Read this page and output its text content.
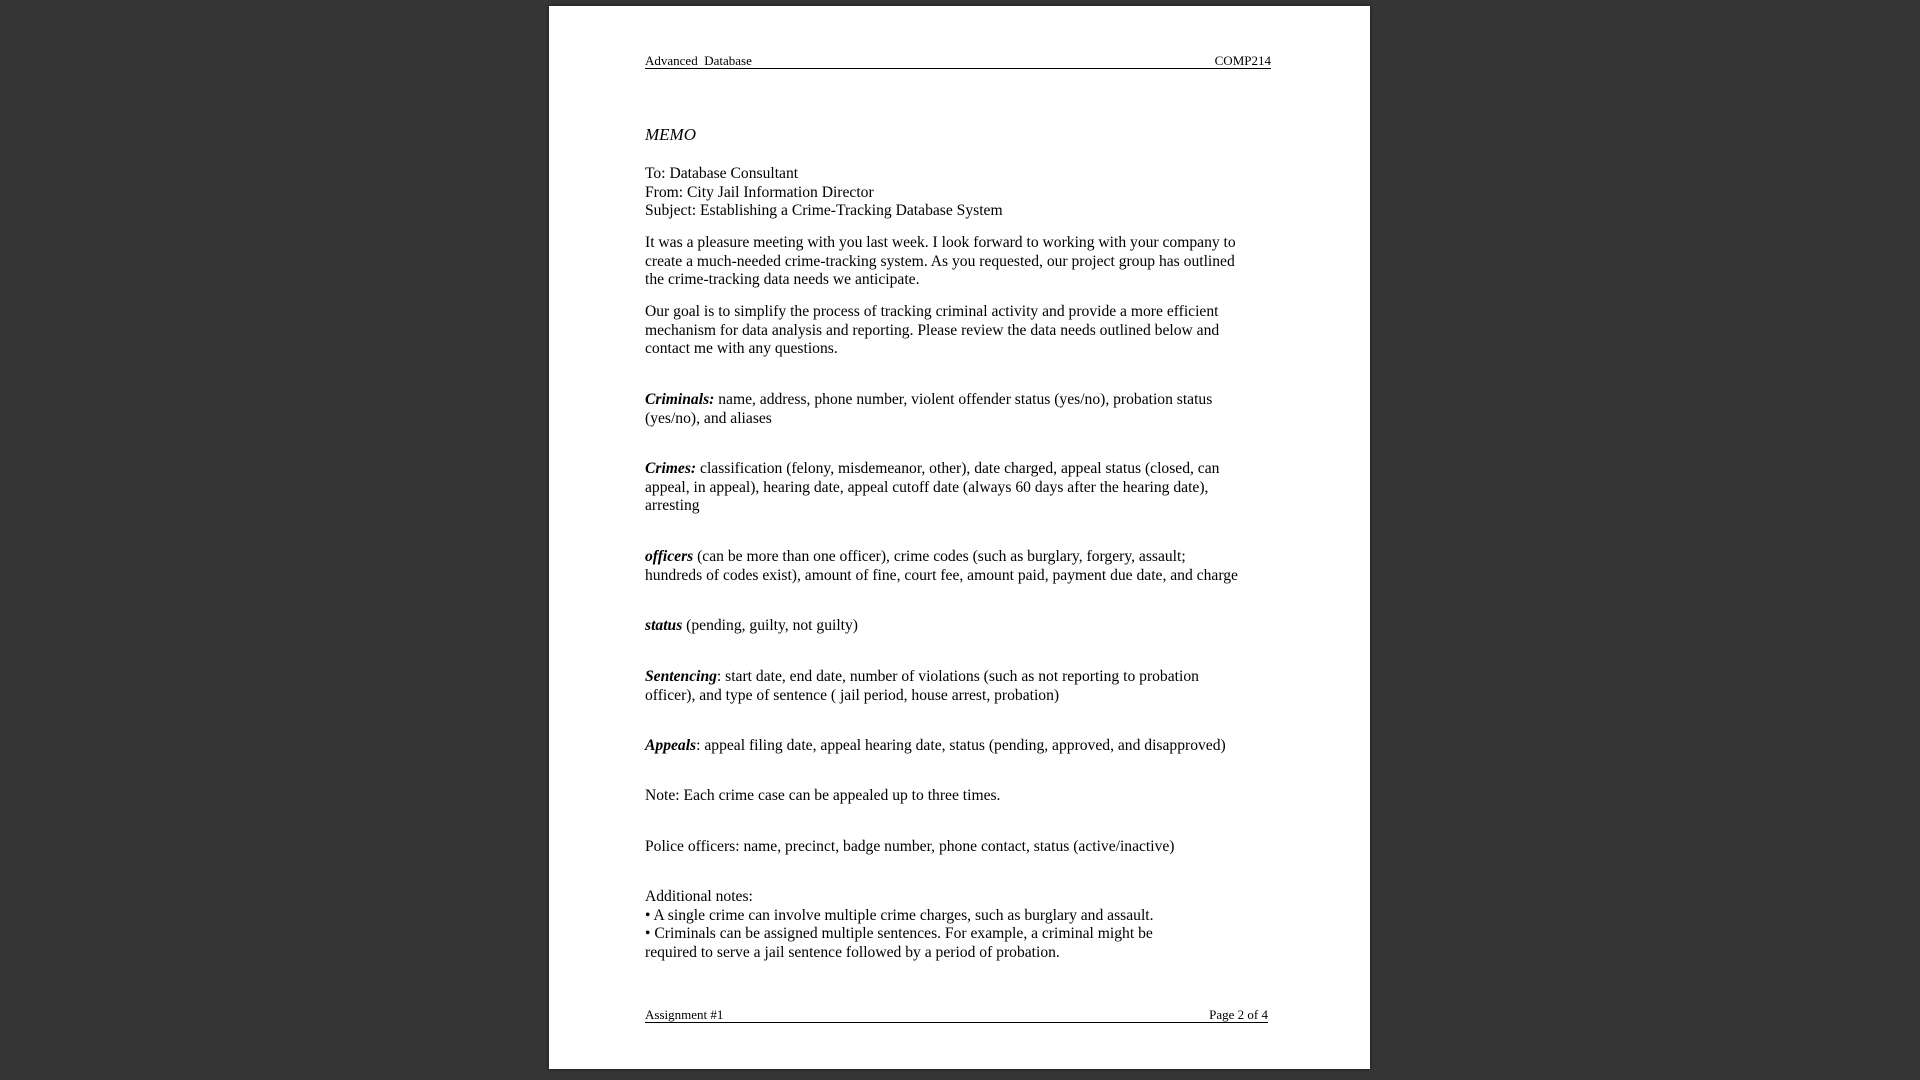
Advanced  Database	COMP214
MEMO
To: Database Consultant
From: City Jail Information Director
Subject: Establishing a Crime-Tracking Database System
It was a pleasure meeting with you last week. I look forward to working with your company to
create a much-needed crime-tracking system. As you requested, our project group has outlined
the crime-tracking data needs we anticipate.
Our goal is to simplify the process of tracking criminal activity and provide a more efficient
mechanism for data analysis and reporting. Please review the data needs outlined below and
contact me with any questions.
Criminals: name, address, phone number, violent offender status (yes/no), probation status
(yes/no), and aliases
Crimes: classification (felony, misdemeanor, other), date charged, appeal status (closed, can
appeal, in appeal), hearing date, appeal cutoff date (always 60 days after the hearing date),
arresting
officers (can be more than one officer), crime codes (such as burglary, forgery, assault;
hundreds of codes exist), amount of fine, court fee, amount paid, payment due date, and charge
status (pending, guilty, not guilty)
Sentencing: start date, end date, number of violations (such as not reporting to probation
officer), and type of sentence ( jail period, house arrest, probation)
Appeals: appeal filing date, appeal hearing date, status (pending, approved, and disapproved)
Note: Each crime case can be appealed up to three times.
Police officers: name, precinct, badge number, phone contact, status (active/inactive)
Additional notes:
• A single crime can involve multiple crime charges, such as burglary and assault.
• Criminals can be assigned multiple sentences. For example, a criminal might be
required to serve a jail sentence followed by a period of probation.
Assignment #1	Page 2 of 4
